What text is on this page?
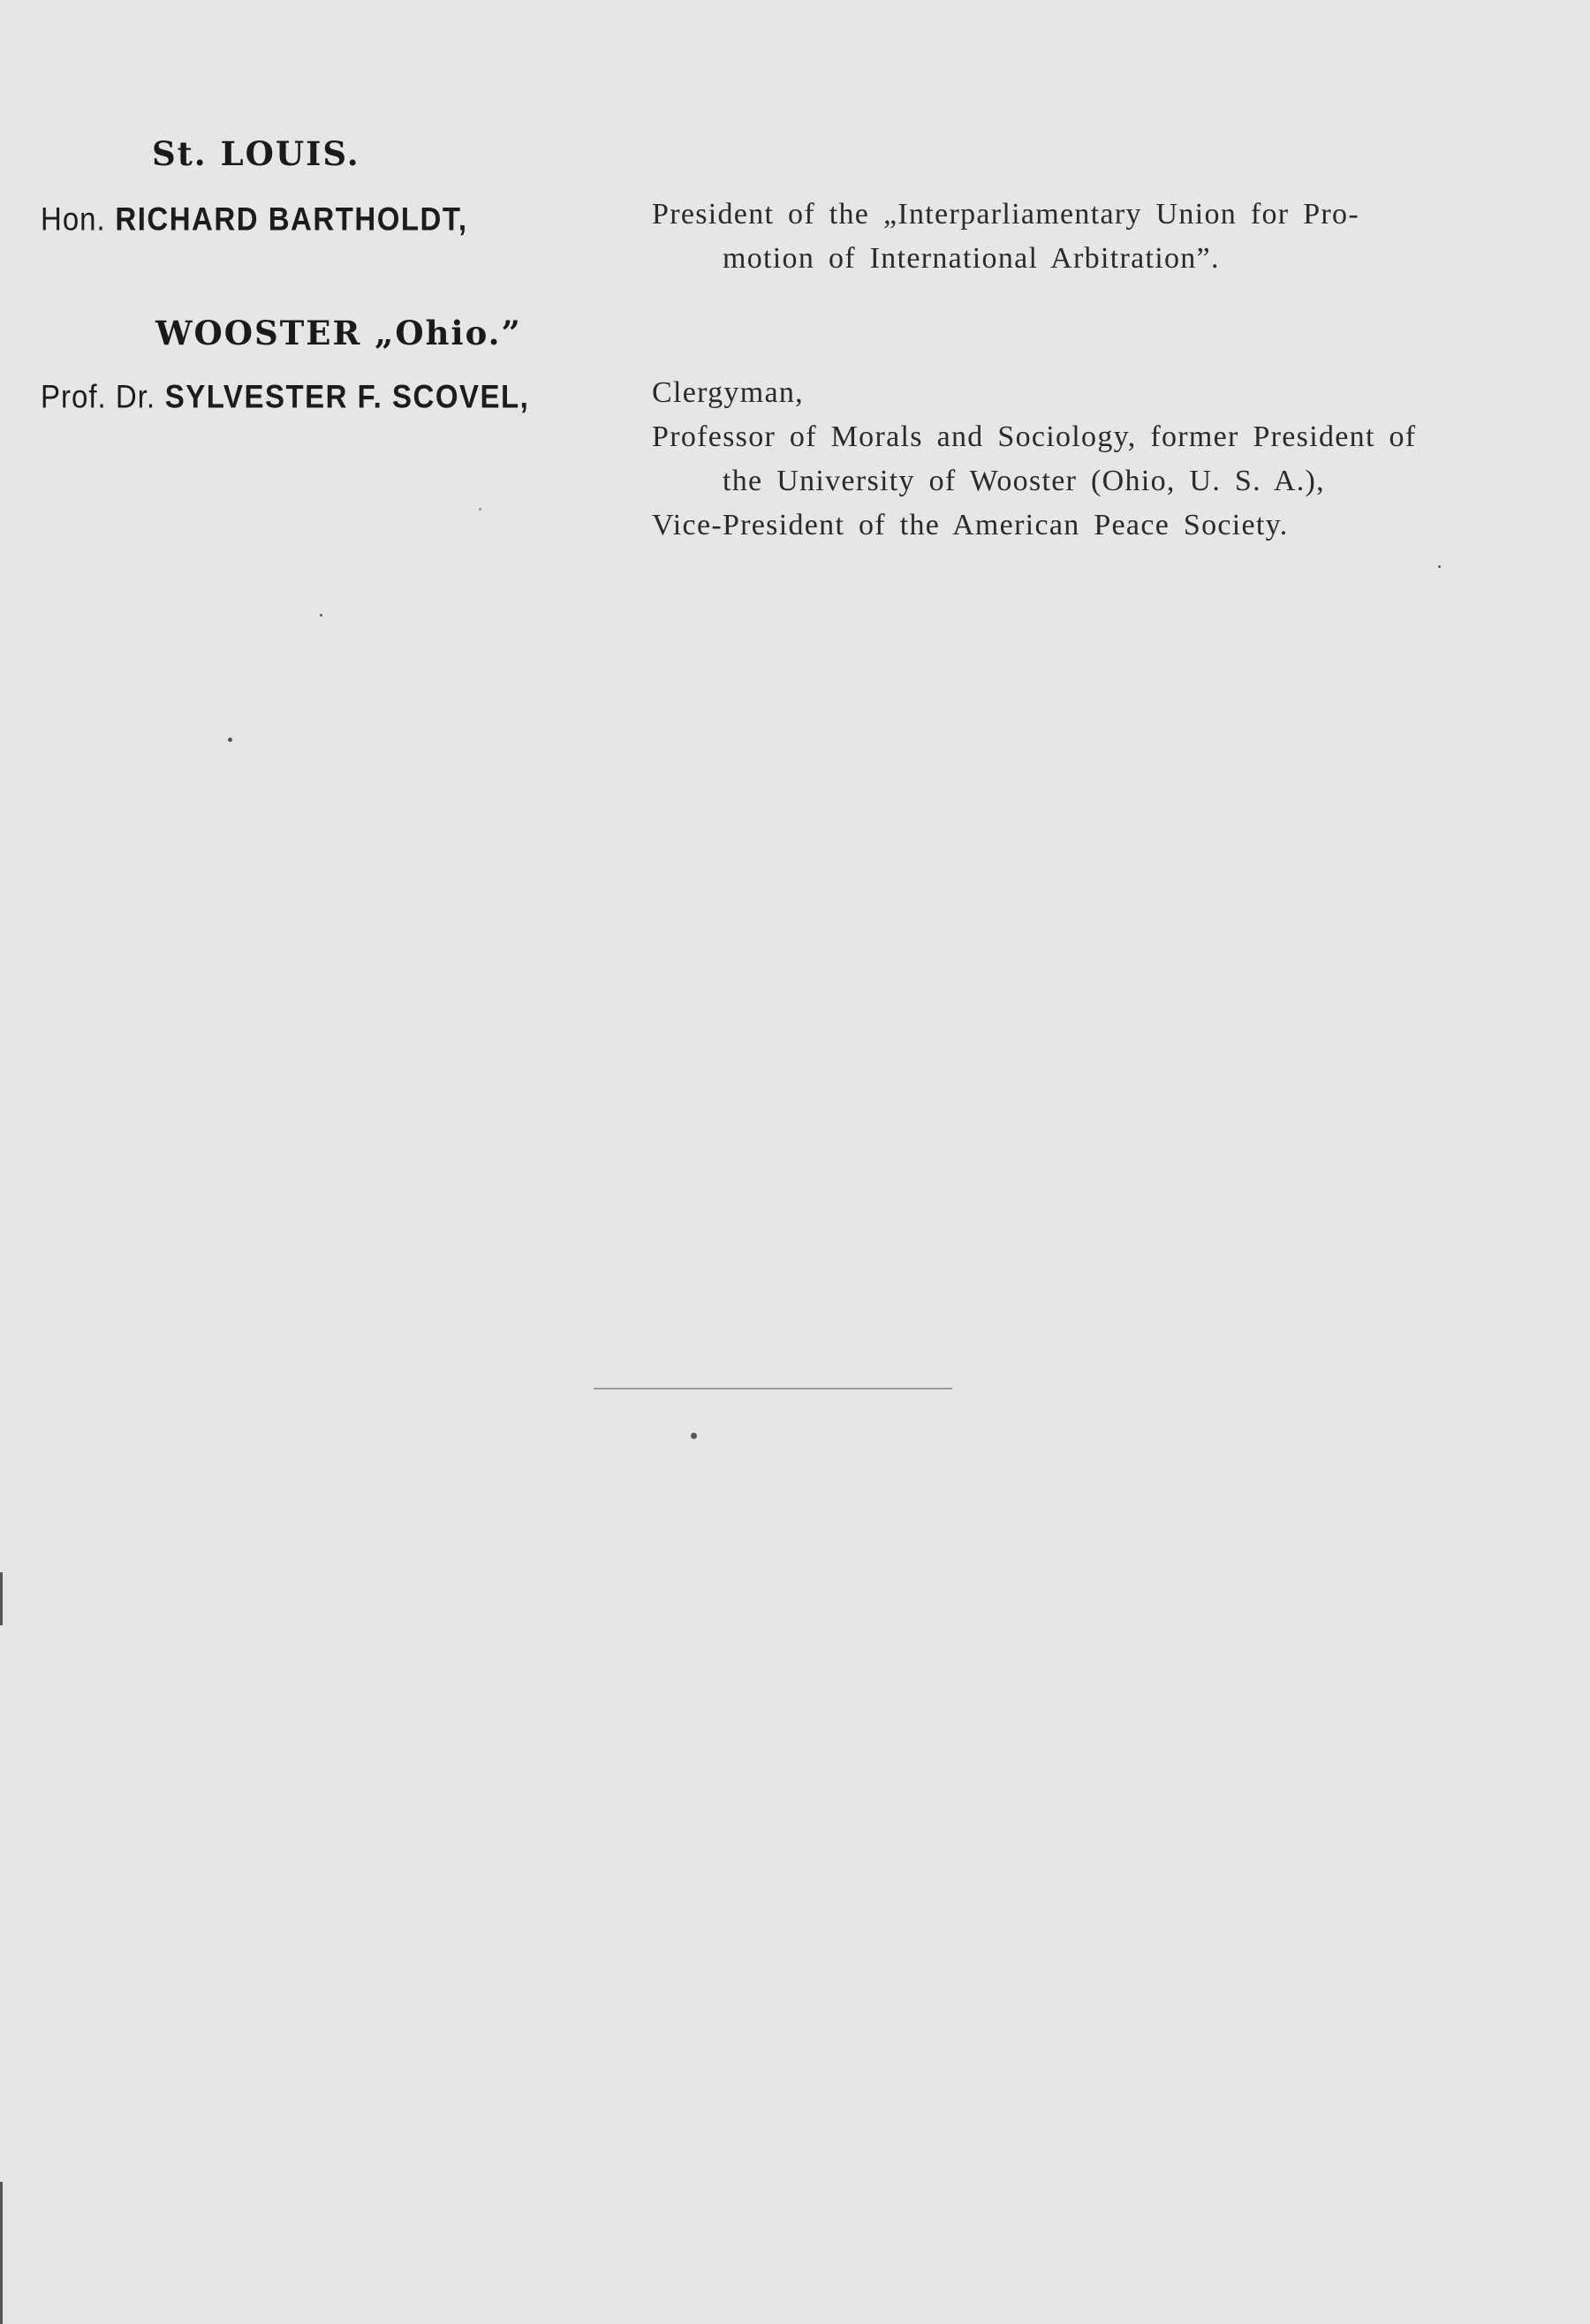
St. LOUIS.
Hon. RICHARD BARTHOLDT,	President of the „Interparliamentary Union for Pro-
motion of International Arbitration”.
WOOSTER „Ohio.”
Prof. Dr. SYLVESTER F. SCOVEL,	Clergyman,
Professor of Morals and Sociology, former President of
the University of Wooster (Ohio, U. S. A.),
Vice-President of the American Peace Society.
